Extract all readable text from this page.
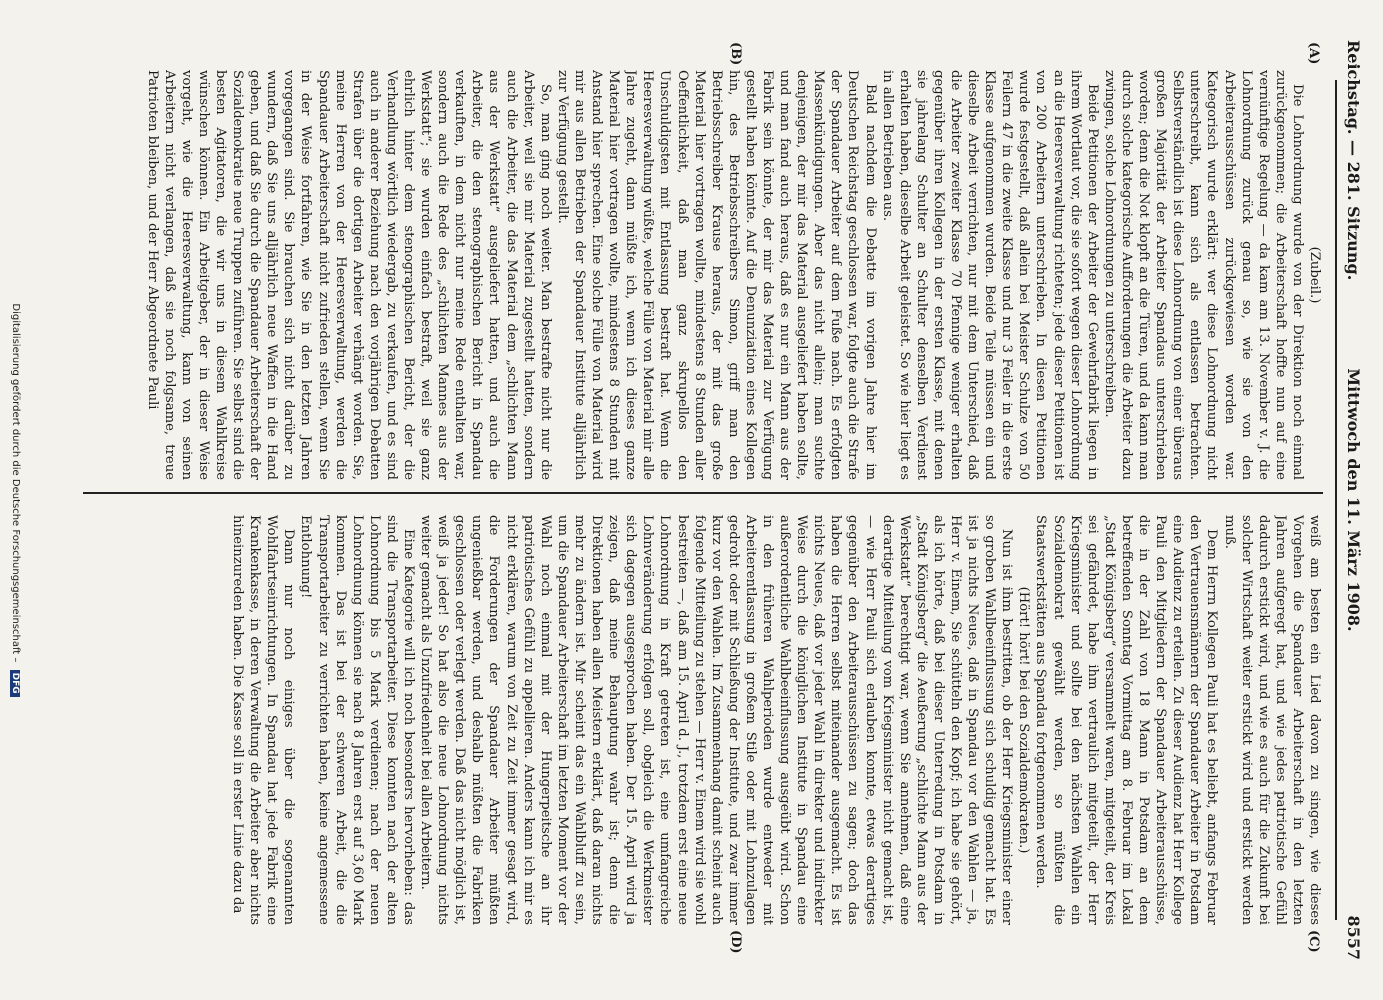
Reichstag. — 281. Sitzung.
Mittwoch den 11. März 1908.
8557
(A)
(B)
(C)
(D)

(Zubeil.)

Die Lohnordnung wurde von der Direktion noch einmal zurückgenommen; die Arbeiterschaft hoffte nun auf eine vernünftige Regelung — da kam am 13. November v. J. die Lohnordnung zurück genau so, wie sie von den Arbeiterausschüssen zurückgewiesen worden war. Kategorisch wurde erklärt: wer diese Lohnordnung nicht unterschreibt, kann sich als entlassen betrachten. Selbstverständlich ist diese Lohnordnung von einer überaus großen Majorität der Arbeiter Spandaus unterschrieben worden; denn die Not klopft an die Türen, und da kann man durch solche kategorische Aufforderungen die Arbeiter dazu zwingen, solche Lohnordnungen zu unterschreiben.

Beide Petitionen der Arbeiter der Gewehrfabrik liegen in ihrem Wortlaut vor, die sie sofort wegen dieser Lohnordnung an die Heeresverwaltung richteten; jede dieser Petitionen ist von 200 Arbeitern unterschrieben. In diesen Petitionen wurde festgestellt, daß allein bei Meister Schulze von 50 Feilern 47 in die zweite Klasse und nur 3 Feiler in die erste Klasse aufgenommen wurden. Beide Teile müssen ein und dieselbe Arbeit verrichten, nur mit dem Unterschied, daß die Arbeiter zweiter Klasse 70 Pfennige weniger erhalten gegenüber ihren Kollegen in der ersten Klasse, mit denen sie jahrelang Schulter an Schulter denselben Verdienst erhalten haben, dieselbe Arbeit geleistet. So wie hier liegt es in allen Betrieben aus.

Bald nachdem die Debatte im vorigen Jahre hier im Deutschen Reichstag geschlossen war, folgte auch die Strafe der Spandauer Arbeiter auf dem Fuße nach. Es erfolgten Massenkündigungen. Aber das nicht allein; man suchte denjenigen, der mir das Material ausgeliefert haben sollte, und man fand auch heraus, daß es nur ein Mann aus der Fabrik sein könnte, der mir das Material zur Verfügung gestellt haben könnte. Auf die Denunziation eines Kollegen hin, des Betriebsschreibers Simon, griff man den Betriebsschreiber Krause heraus, der mit das große Material hier vortragen wollte, mindestens 8 Stunden aller Oeffentlichkeit, daß man ganz skrupellos den Unschuldigsten mit Entlassung bestraft hat. Wenn die Heeresverwaltung wüßte, welche Fülle von Material mir alle Jahre zugeht, dann müßte ich, wenn ich dieses ganze Material hier vortragen wollte, mindestens 8 Stunden mit Anstand hier sprechen. Eine solche Fülle von Material wird mir aus allen Betrieben der Spandauer Institute alljährlich zur Verfügung gestellt.

So, man ging noch weiter. Man bestrafte nicht nur die Arbeiter, weil sie mir Material zugestellt hatten, sondern auch die Arbeiter, die das Material dem „schlichten Mann aus der Werkstatt“ ausgeliefert hatten, und auch die Arbeiter, die den stenographischen Bericht in Spandau verkauften, in dem nicht nur meine Rede enthalten war, sondern auch die Rede des „schlichten Mannes aus der Werkstatt“; sie wurden einfach bestraft, weil sie ganz ehrlich hinter dem stenographischen Bericht, der die Verhandlung wörtlich wiedergab, zu verkaufen, und es sind auch in anderer Beziehung nach den vorjährigen Debatten Strafen über die dortigen Arbeiter verhängt worden. Sie, meine Herren von der Heeresverwaltung, werden die Spandauer Arbeiterschaft nicht zufrieden stellen, wenn Sie in der Weise fortfahren, wie Sie in den letzten Jahren vorgegangen sind. Sie brauchen sich nicht darüber zu wundern, daß Sie uns alljährlich neue Waffen in die Hand geben, und daß Sie durch die Spandauer Arbeiterschaft der Sozialdemokratie neue Truppen zuführen. Sie selbst sind die besten Agitatoren, die wir uns in diesem Wahlkreise wünschen können. Ein Arbeitgeber, der in dieser Weise vorgeht, wie die Heeresverwaltung, kann von seinen Arbeitern nicht verlangen, daß sie noch folgsame, treue Patrioten bleiben, und der Herr Abgeordnete Pauli

weiß am besten ein Lied davon zu singen, wie dieses Vorgehen die Spandauer Arbeiterschaft in den letzten Jahren aufgeregt hat, und wie jedes patriotische Gefühl dadurch erstickt wird, und wie es auch für die Zukunft bei solcher Wirtschaft weiter erstickt wird und erstickt werden muß.

Dem Herrn Kollegen Pauli hat es beliebt, anfangs Februar den Vertrauensmännern der Spandauer Arbeiter in Potsdam eine Audienz zu erteilen. Zu dieser Audienz hat Herr Kollege Pauli den Mitgliedern der Spandauer Arbeiterausschüsse, die in der Zahl von 18 Mann in Potsdam an dem betreffenden Sonntag Vormittag am 8. Februar im Lokal „Stadt Königsberg“ versammelt waren, mitgeteilt, der Kreis sei gefährdet, habe ihm vertraulich mitgeteilt, der Herr Kriegsminister und sollte bei den nächsten Wahlen ein Sozialdemokrat gewählt werden, so müßten die Staatswerkstätten aus Spandau fortgenommen werden.

(Hört! hört! bei den Sozialdemokraten.)

Nun ist ihm bestritten, ob der Herr Kriegsminister einer so groben Wahlbeeinflussung sich schuldig gemacht hat. Es ist ja nichts Neues, daß in Spandau vor den Wahlen — ja, Herr v. Einem, Sie schütteln den Kopf; ich habe sie gehört, als ich hörte, daß bei dieser Unterredung in Potsdam in „Stadt Königsberg“ die Aeußerung „schlichte Mann aus der Werkstatt“ berechtigt war, wenn Sie annehmen, daß eine derartige Mitteilung vom Kriegsminister nicht gemacht ist, — wie Herr Pauli sich erlauben konnte, etwas derartiges gegenüber den Arbeiterausschüssen zu sagen; doch das haben die Herren selbst miteinander ausgemacht. Es ist nichts Neues, daß vor jeder Wahl in direkter und indirekter Weise durch die königlichen Institute in Spandau eine außerordentliche Wahlbeeinflussung ausgeübt wird. Schon in den früheren Wahlperioden wurde entweder mit Arbeiterentlassung in großem Stile oder mit Lohnzulagen gedroht oder mit Schließung der Institute, und zwar immer kurz vor den Wahlen. Im Zusammenhang damit scheint auch folgende Mitteilung zu stehen — Herr v. Einem wird sie wohl bestreiten —, daß am 15. April d. J., trotzdem erst eine neue Lohnordnung in Kraft getreten ist, eine umfangreiche Lohnveränderung erfolgen soll, obgleich die Werkmeister sich dagegen ausgesprochen haben. Der 15. April wird ja zeigen, daß meine Behauptung wahr ist; denn die Direktionen haben allen Meistern erklärt, daß daran nichts mehr zu ändern ist. Mir scheint das ein Wahlbluff zu sein, um die Spandauer Arbeiterschaft im letzten Moment vor der Wahl noch einmal mit der Hungerpeitsche an ihr patriotisches Gefühl zu appellieren. Anders kann ich mir es nicht erklären, warum von Zeit zu Zeit immer gesagt wird, die Forderungen der Spandauer Arbeiter müßten ungenießbar werden, und deshalb müßten die Fabriken geschlossen oder verlegt werden. Daß das nicht möglich ist, weiß ja jeder! So hat also die neue Lohnordnung nichts weiter gemacht als Unzufriedenheit bei allen Arbeitern.

Eine Kategorie will ich noch besonders hervorheben: das sind die Transportarbeiter. Diese konnten nach der alten Lohnordnung bis 5 Mark verdienen; nach der neuen Lohnordnung können sie nach 8 Jahren erst auf 3,60 Mark kommen. Das ist bei der schweren Arbeit, die die Transportarbeiter zu verrichten haben, keine angemessene Entlohnung!

Dann nur noch einiges über die sogenannten Wohlfahrtseinrichtungen. In Spandau hat jede Fabrik eine Krankenkasse, in deren Verwaltung die Arbeiter aber nichts hineinzureden haben. Die Kasse soll in erster Linie dazu da

Digitalisierung gefördert durch die Deutsche Forschungsgemeinschaft – DFG
